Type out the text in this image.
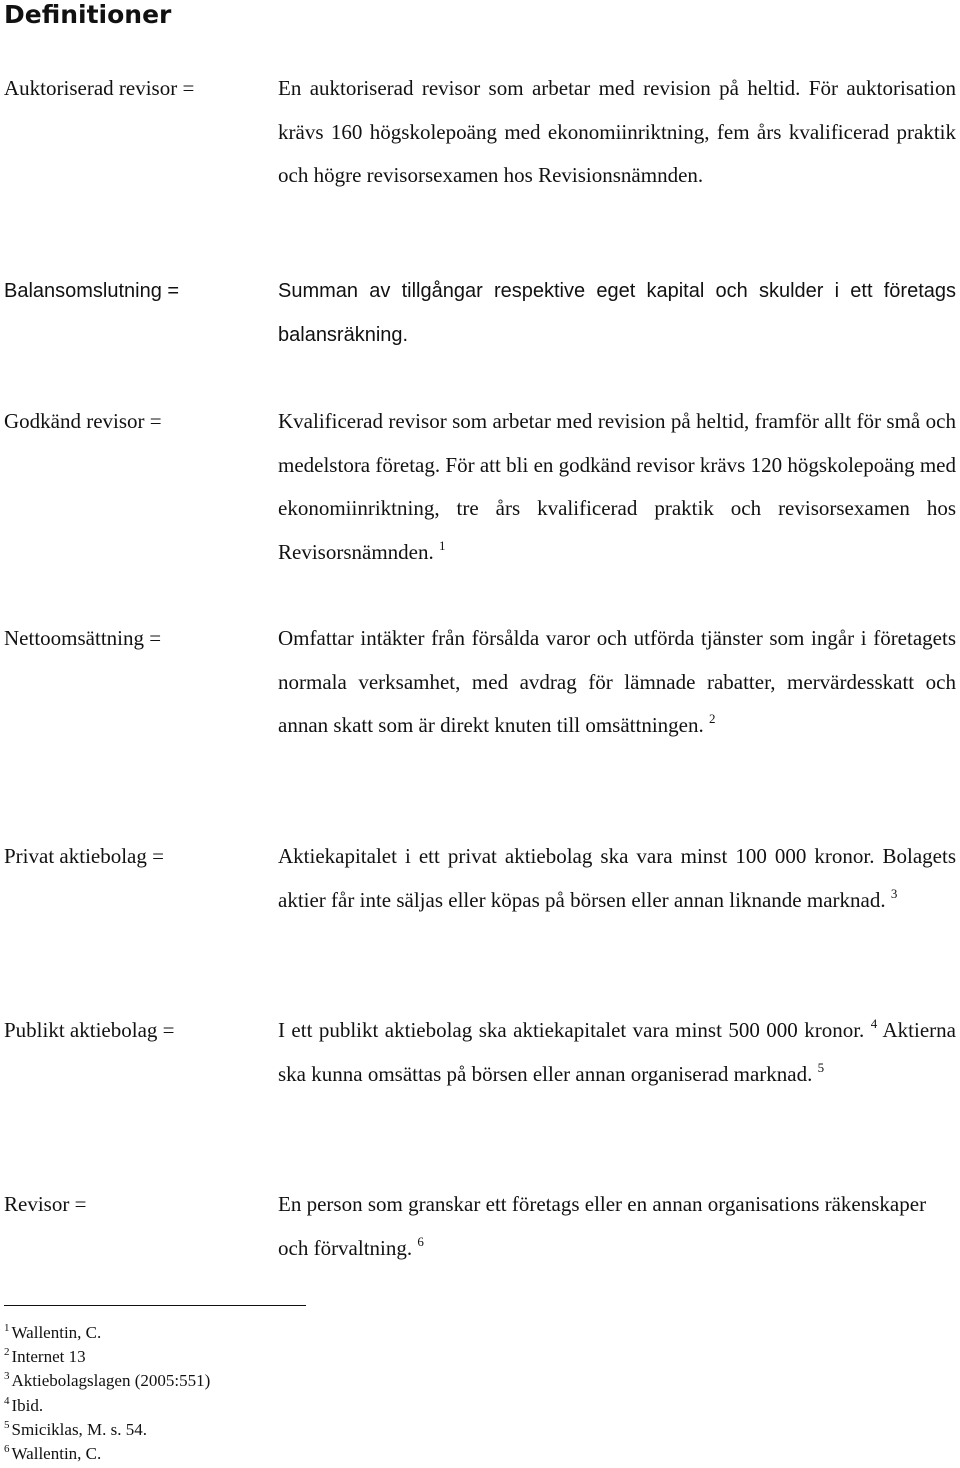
Definitioner
Auktoriserad revisor =	En auktoriserad revisor som arbetar med revision på heltid. För auktorisation krävs 160 högskolepoäng med ekonomiinriktning, fem års kvalificerad praktik och högre revisorsexamen hos Revisionsnämnden.
Balansomslutning =	Summan av tillgångar respektive eget kapital och skulder i ett företags balansräkning.
Godkänd revisor =	Kvalificerad revisor som arbetar med revision på heltid, framför allt för små och medelstora företag. För att bli en godkänd revisor krävs 120 högskolepoäng med ekonomiinriktning, tre års kvalificerad praktik och revisorsexamen hos Revisorsnämnden. $^1$
Nettoomsättning =	Omfattar intäkter från försålda varor och utförda tjänster som ingår i företagets normala verksamhet, med avdrag för lämnade rabatter, mervärdesskatt och annan skatt som är direkt knuten till omsättningen. $^2$
Privat aktiebolag =	Aktiekapitalet i ett privat aktiebolag ska vara minst 100 000 kronor. Bolagets aktier får inte säljas eller köpas på börsen eller annan liknande marknad. $^3$
Publikt aktiebolag =	I ett publikt aktiebolag ska aktiekapitalet vara minst 500 000 kronor. $^4$ Aktierna ska kunna omsättas på börsen eller annan organiserad marknad. $^5$
Revisor =	En person som granskar ett företags eller en annan organisations räkenskaper och förvaltning. $^6$
$^1$ Wallentin, C.
$^2$ Internet 13
$^3$ Aktiebolagslagen (2005:551)
$^4$ Ibid.
$^5$ Smiciklas, M. s. 54.
$^6$ Wallentin, C.
